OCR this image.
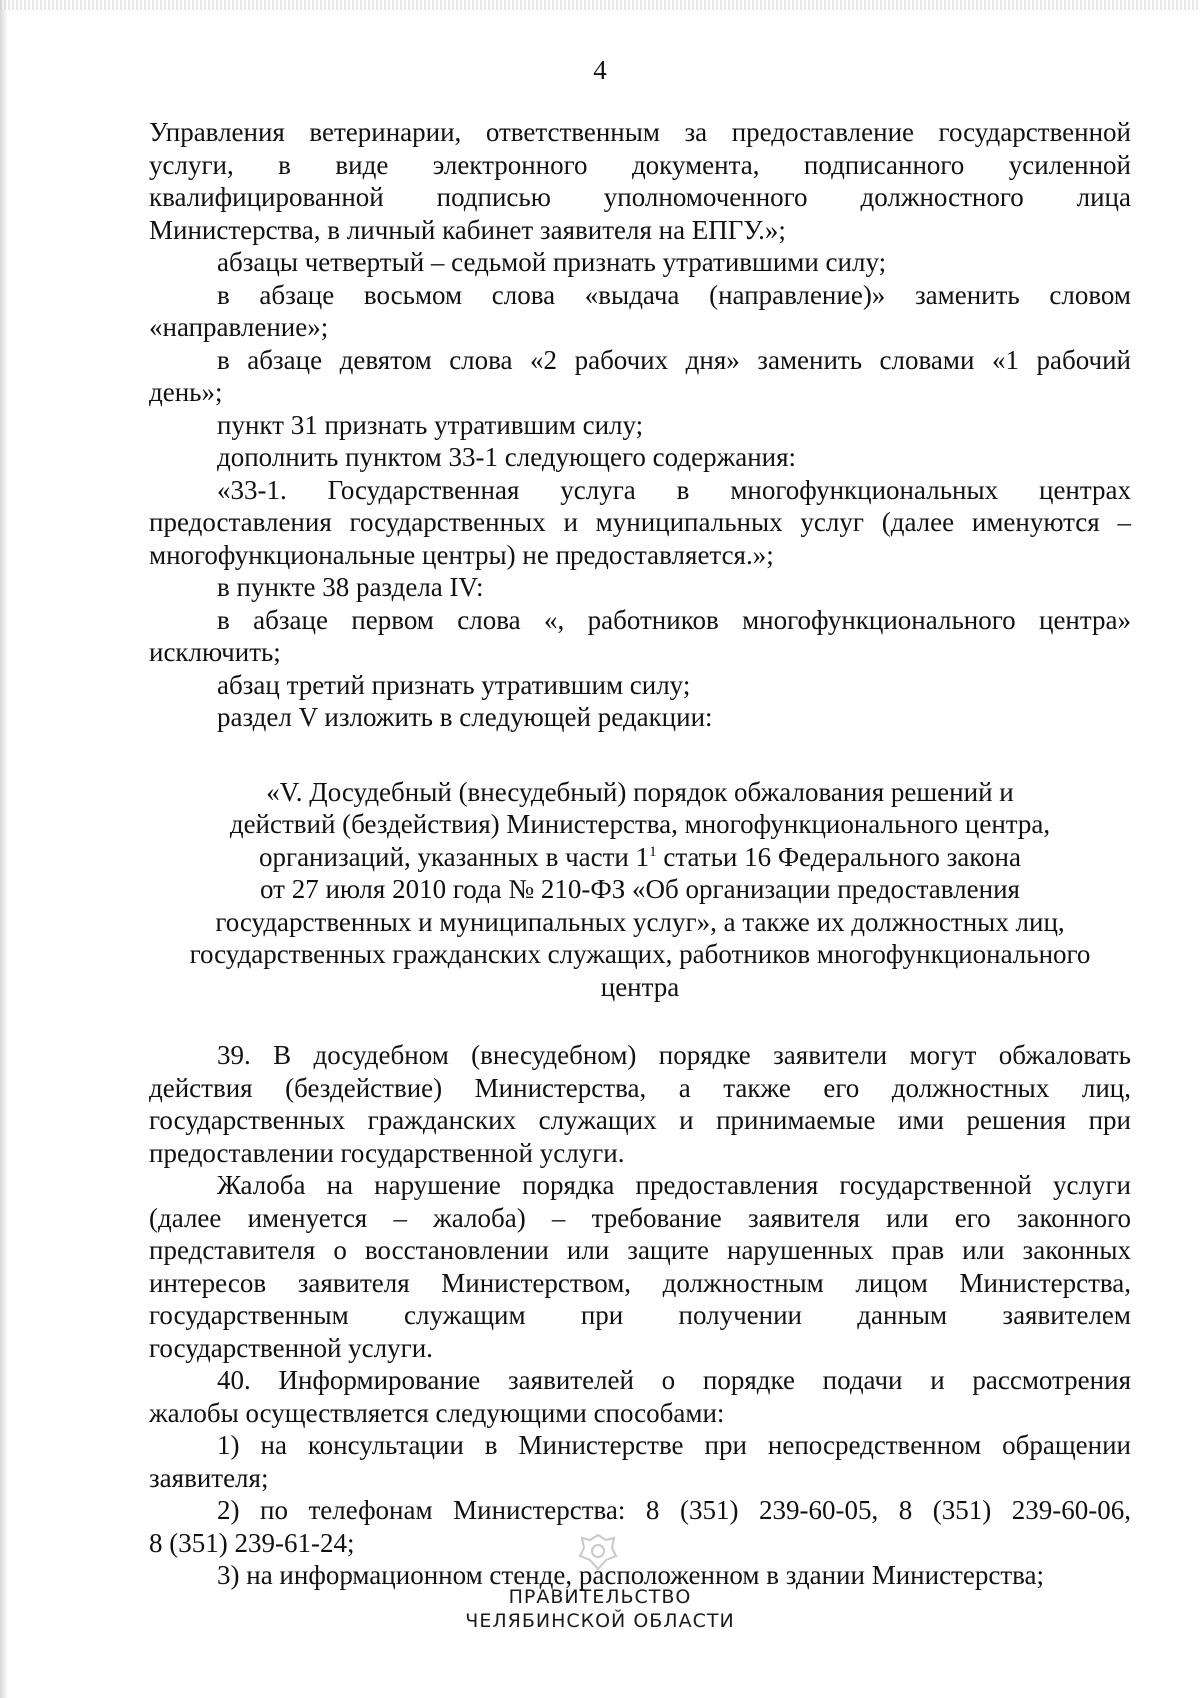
4
Управления ветеринарии, ответственным за предоставление государственной
услуги, в виде электронного документа, подписанного усиленной
квалифицированной подписью уполномоченного должностного лица
Министерства, в личный кабинет заявителя на ЕПГУ.»;
абзацы четвертый – седьмой признать утратившими силу;
в абзаце восьмом слова «выдача (направление)» заменить словом
«направление»;
в абзаце девятом слова «2 рабочих дня» заменить словами «1 рабочий
день»;
пункт 31 признать утратившим силу;
дополнить пунктом 33-1 следующего содержания:
«33-1. Государственная услуга в многофункциональных центрах
предоставления государственных и муниципальных услуг (далее именуются –
многофункциональные центры) не предоставляется.»;
в пункте 38 раздела IV:
в абзаце первом слова «, работников многофункционального центра»
исключить;
абзац третий признать утратившим силу;
раздел V изложить в следующей редакции:
«V. Досудебный (внесудебный) порядок обжалования решений и
действий (бездействия) Министерства, многофункционального центра,
организаций, указанных в части $1^1$ статьи 16 Федерального закона
от 27 июля 2010 года № 210-ФЗ «Об организации предоставления
государственных и муниципальных услуг», а также их должностных лиц,
государственных гражданских служащих, работников многофункционального
центра
39. В досудебном (внесудебном) порядке заявители могут обжаловать
действия (бездействие) Министерства, а также его должностных лиц,
государственных гражданских служащих и принимаемые ими решения при
предоставлении государственной услуги.
Жалоба на нарушение порядка предоставления государственной услуги
(далее именуется – жалоба) – требование заявителя или его законного
представителя о восстановлении или защите нарушенных прав или законных
интересов заявителя Министерством, должностным лицом Министерства,
государственным служащим при получении данным заявителем
государственной услуги.
40. Информирование заявителей о порядке подачи и рассмотрения
жалобы осуществляется следующими способами:
1) на консультации в Министерстве при непосредственном обращении
заявителя;
2) по телефонам Министерства: 8 (351) 239-60-05, 8 (351) 239-60-06,
8 (351) 239-61-24;
3) на информационном стенде, расположенном в здании Министерства;
ПРАВИТЕЛЬСТВО
ЧЕЛЯБИНСКОЙ ОБЛАСТИ
